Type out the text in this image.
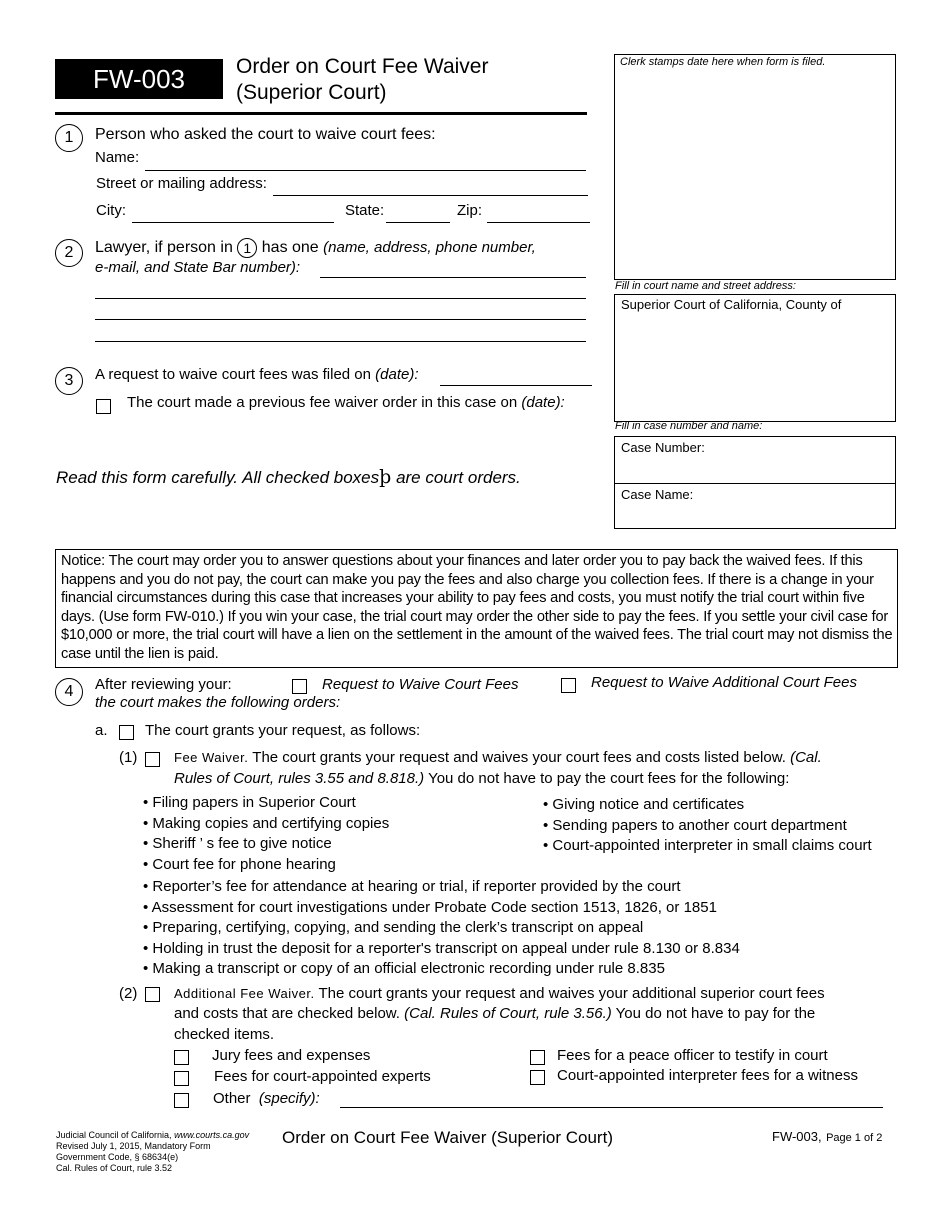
FW-003	Order on Court Fee Waiver
(Superior Court)
Clerk stamps date here when form is filed.
Fill in court name and street address:
Superior Court of California, County of
Fill in case number and name:
Case Number:
Case Name:
1	Person who asked the court to waive court fees:
Name:
Street or mailing address:
City:	State:	Zip:
2	Lawyer, if person in 1 has one (name, address, phone number,
e-mail, and State Bar number):
3	A request to waive court fees was filed on (date):
The court made a previous fee waiver order in this case on (date):
Read this form carefully. All checked boxesþ are court orders.
Notice: The court may order you to answer questions about your finances and later order you to pay back the waived fees. If this happens and you do not pay, the court can make you pay the fees and also charge you collection fees. If there is a change in your financial circumstances during this case that increases your ability to pay fees and costs, you must notify the trial court within five days. (Use form FW-010.) If you win your case, the trial court may order the other side to pay the fees. If you settle your civil case for $10,000 or more, the trial court will have a lien on the settlement in the amount of the waived fees. The trial court may not dismiss the case until the lien is paid.
4	After reviewing your:	Request to Waive Court Fees	Request to Waive Additional Court Fees
the court makes the following orders:
a. The court grants your request, as follows:
(1)	Fee Waiver. The court grants your request and waives your court fees and costs listed below. (Cal.
Rules of Court, rules 3.55 and 8.818.) You do not have to pay the court fees for the following:
• Filing papers in Superior Court
• Making copies and certifying copies
• Sheriff ’ s fee to give notice
• Court fee for phone hearing
• Giving notice and certificates
• Sending papers to another court department
• Court-appointed interpreter in small claims court
• Reporter’s fee for attendance at hearing or trial, if reporter provided by the court
• Assessment for court investigations under Probate Code section 1513, 1826, or 1851
• Preparing, certifying, copying, and sending the clerk’s transcript on appeal
• Holding in trust the deposit for a reporter's transcript on appeal under rule 8.130 or 8.834
• Making a transcript or copy of an official electronic recording under rule 8.835
(2)	Additional Fee Waiver. The court grants your request and waives your additional superior court fees
and costs that are checked below. (Cal. Rules of Court, rule 3.56.) You do not have to pay for the
checked items.
Jury fees and expenses
Fees for court-appointed experts
Fees for a peace officer to testify in court
Court-appointed interpreter fees for a witness
Other (specify):
Judicial Council of California, www.courts.ca.gov
Revised July 1, 2015, Mandatory Form
Government Code, § 68634(e)
Cal. Rules of Court, rule 3.52
Order on Court Fee Waiver (Superior Court)	FW-003, Page 1 of 2
